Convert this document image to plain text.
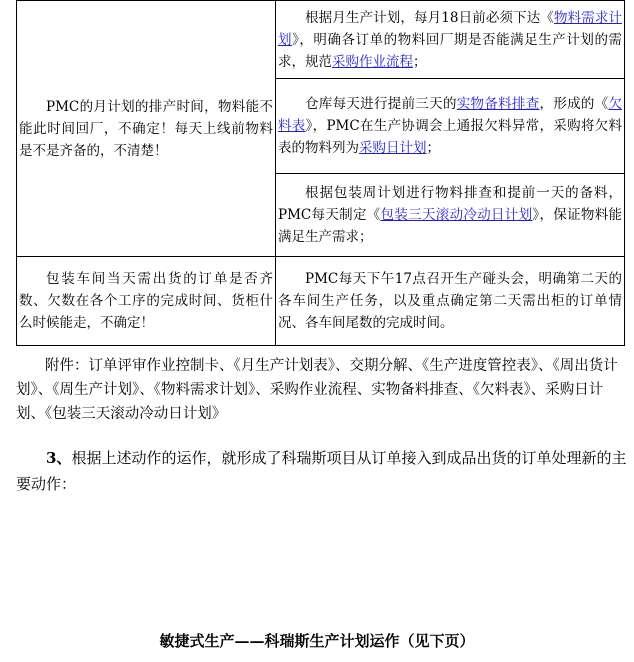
PMC的月计划的排产时间，物料能不能此时间回厂，不确定！每天上线前物料是不是齐备的，不清楚！	根据月生产计划，每月18日前必须下达《物料需求计划》，明确各订单的物料回厂期是否能满足生产计划的需求，规范采购作业流程；

	仓库每天进行提前三天的实物备料排查，形成的《欠料表》，PMC在生产协调会上通报欠料异常，采购将欠料表的物料列为采购日计划；

	根据包装周计划进行物料排查和提前一天的备料，PMC每天制定《包装三天滚动冷动日计划》，保证物料能满足生产需求；

包装车间当天需出货的订单是否齐数、欠数在各个工序的完成时间、货柜什么时候能走，不确定！	PMC每天下午17点召开生产碰头会，明确第二天的各车间生产任务，以及重点确定第二天需出柜的订单情况、各车间尾数的完成时间。

附件：订单评审作业控制卡、《月生产计划表》、交期分解、《生产进度管控表》、《周出货计划》、《周生产计划》、《物料需求计划》、采购作业流程、实物备料排查、《欠料表》、采购日计划、《包装三天滚动冷动日计划》

3、根据上述动作的运作，就形成了科瑞斯项目从订单接入到成品出货的订单处理新的主要动作：

敏捷式生产——科瑞斯生产计划运作（见下页）
